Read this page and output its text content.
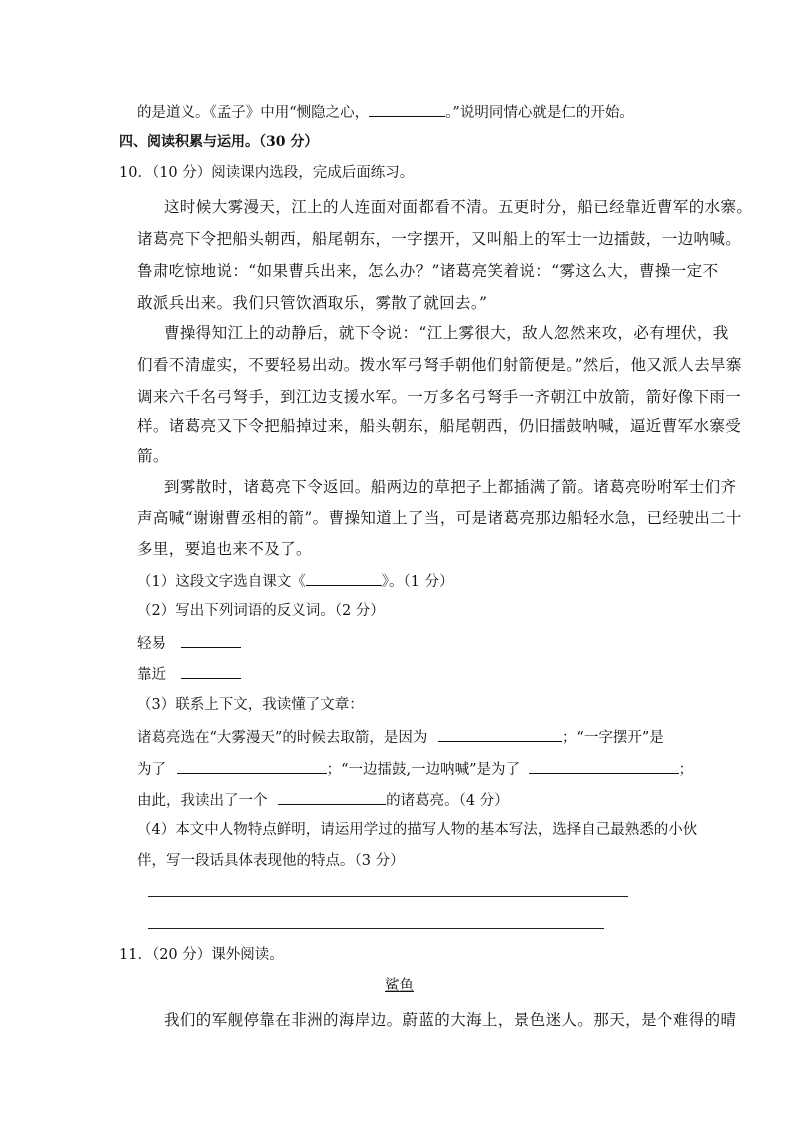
的是道义。《孟子》中用“恻隐之心，	。”说明同情心就是仁的开始。
四、阅读积累与运用。（30 分）
10．（10 分）阅读课内选段，完成后面练习。
这时候大雾漫天，江上的人连面对面都看不清。五更时分，船已经靠近曹军的水寨。
诸葛亮下令把船头朝西，船尾朝东，一字摆开，又叫船上的军士一边擂鼓，一边呐喊。
鲁肃吃惊地说：“如果曹兵出来，怎么办？”诸葛亮笑着说：“雾这么大，曹操一定不
敢派兵出来。我们只管饮酒取乐，雾散了就回去。”
曹操得知江上的动静后，就下令说：“江上雾很大，敌人忽然来攻，必有埋伏，我
们看不清虚实，不要轻易出动。拨水军弓弩手朝他们射箭便是。”然后，他又派人去旱寨
调来六千名弓弩手，到江边支援水军。一万多名弓弩手一齐朝江中放箭，箭好像下雨一
样。诸葛亮又下令把船掉过来，船头朝东，船尾朝西，仍旧擂鼓呐喊，逼近曹军水寨受
箭。
到雾散时，诸葛亮下令返回。船两边的草把子上都插满了箭。诸葛亮吩咐军士们齐
声高喊“谢谢曹丞相的箭”。曹操知道上了当，可是诸葛亮那边船轻水急，已经驶出二十
多里，要追也来不及了。
（1）这段文字选自课文《	》。（1 分）
（2）写出下列词语的反义词。（2 分）
轻易
靠近
（3）联系上下文，我读懂了文章：
诸葛亮选在“大雾漫天”的时候去取箭，是因为	；“一字摆开”是
为了	；“一边擂鼓,一边呐喊”是为了	；
由此，我读出了一个	的诸葛亮。（4 分）
（4）本文中人物特点鲜明，请运用学过的描写人物的基本写法，选择自己最熟悉的小伙
伴，写一段话具体表现他的特点。（3 分）
11．（20 分）课外阅读。
鲨鱼
我们的军舰停靠在非洲的海岸边。蔚蓝的大海上，景色迷人。那天，是个难得的晴
